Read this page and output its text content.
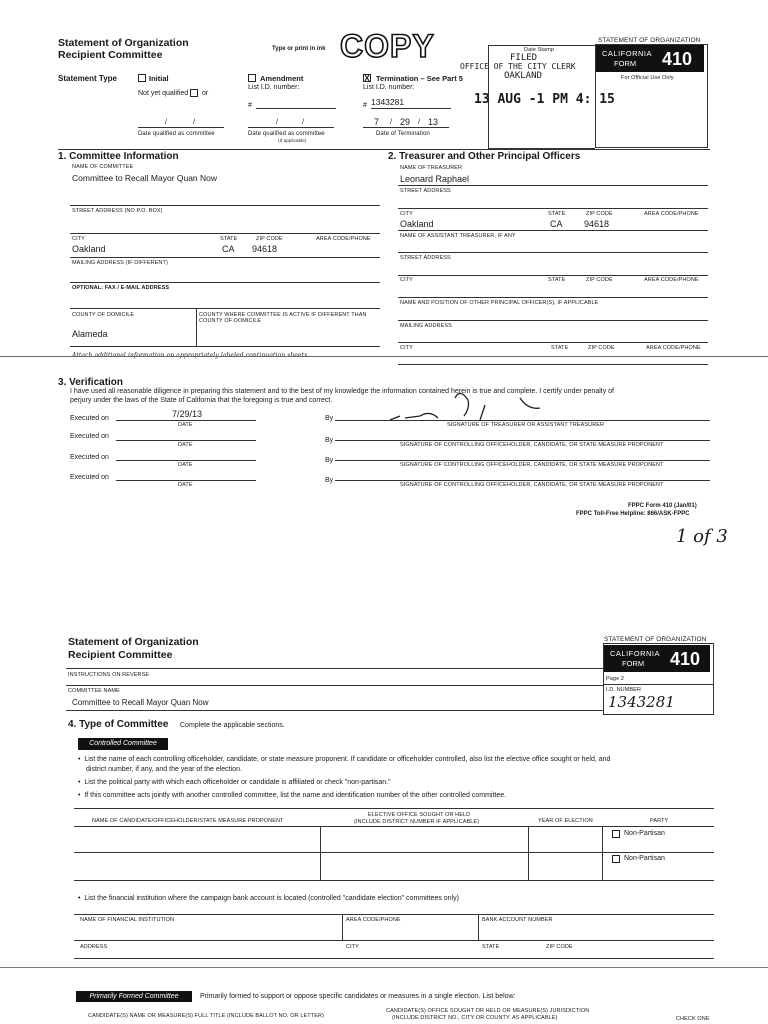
Statement of Organization
Recipient Committee	Type or print in ink COPY	Date Stamp
FILED
OFFICE OF THE CITY CLERK
OAKLAND
13 AUG -1 PM 4: 15
STATEMENT OF ORGANIZATION
CALIFORNIA
FORM 410
For Official Use Only
Statement Type	Initial
Not yet qualified or
/	/
Date qualified as committee
Amendment
List I.D. number:
#
/	/
Date qualified as committee
(If applicable)
X Termination – See Part 5
List I.D. number:
# 1343281
7 / 29 / 13
Date of Termination
1. Committee Information
NAME OF COMMITTEE
Committee to Recall Mayor Quan Now
STREET ADDRESS (NO P.O. BOX)
CITY	STATE	ZIP CODE	AREA CODE/PHONE
Oakland	CA 94618
MAILING ADDRESS (IF DIFFERENT)
OPTIONAL: FAX / E-MAIL ADDRESS
COUNTY OF DOMICILE	COUNTY WHERE COMMITTEE IS ACTIVE IF DIFFERENT THAN COUNTY OF DOMICILE
Alameda
Attach additional information on appropriately labeled continuation sheets.
2. Treasurer and Other Principal Officers
NAME OF TREASURER
Leonard Raphael
STREET ADDRESS
CITY	STATE	ZIP CODE	AREA CODE/PHONE
Oakland	CA 94618
NAME OF ASSISTANT TREASURER, IF ANY
STREET ADDRESS
CITY	STATE	ZIP CODE	AREA CODE/PHONE
NAME AND POSITION OF OTHER PRINCIPAL OFFICER(S), IF APPLICABLE
MAILING ADDRESS
CITY	STATE	ZIP CODE	AREA CODE/PHONE
3. Verification
I have used all reasonable diligence in preparing this statement and to the best of my knowledge the information contained herein is true and complete. I certify under penalty of
perjury under the laws of the State of California that the foregoing is true and correct.
Executed on	7/29/13
DATE
By
SIGNATURE OF TREASURER OR ASSISTANT TREASURER
Executed on
DATE
By
SIGNATURE OF CONTROLLING OFFICEHOLDER, CANDIDATE, OR STATE MEASURE PROPONENT
Executed on
DATE
By
SIGNATURE OF CONTROLLING OFFICEHOLDER, CANDIDATE, OR STATE MEASURE PROPONENT
Executed on
DATE
By
SIGNATURE OF CONTROLLING OFFICEHOLDER, CANDIDATE, OR STATE MEASURE PROPONENT
FPPC Form 410 (Jan/01)
FPPC Toll-Free Helpline: 866/ASK-FPPC
1 of 3
Statement of Organization
Recipient Committee
STATEMENT OF ORGANIZATION
CALIFORNIA
FORM 410
Page 2
I.D. NUMBER
1343281
INSTRUCTIONS ON REVERSE
COMMITTEE NAME
Committee to Recall Mayor Quan Now
4. Type of Committee Complete the applicable sections.
Controlled Committee
•  List the name of each controlling officeholder, candidate, or state measure proponent. If candidate or officeholder controlled, also list the elective office sought or held, and
district number, if any, and the year of the election.
•  List the political party with which each officeholder or candidate is affiliated or check "non-partisan."
•  If this committee acts jointly with another controlled committee, list the name and identification number of the other controlled committee.
NAME OF CANDIDATE/OFFICEHOLDER/STATE MEASURE PROPONENT
ELECTIVE OFFICE SOUGHT OR HELD
(INCLUDE DISTRICT NUMBER IF APPLICABLE)	YEAR OF ELECTION	PARTY
Non-Partisan
Non-Partisan
•  List the financial institution where the campaign bank account is located (controlled "candidate election" committees only)
NAME OF FINANCIAL INSTITUTION	AREA CODE/PHONE	BANK ACCOUNT NUMBER
ADDRESS	CITY	STATE	ZIP CODE
Primarily Formed Committee	Primarily formed to support or oppose specific candidates or measures in a single election. List below:
CANDIDATE(S) NAME OR MEASURE(S) FULL TITLE (INCLUDE BALLOT NO. OR LETTER)
CANDIDATE(S) OFFICE SOUGHT OR HELD OR MEASURE(S) JURISDICTION
(INCLUDE DISTRICT NO., CITY OR COUNTY, AS APPLICABLE)	CHECK ONE
